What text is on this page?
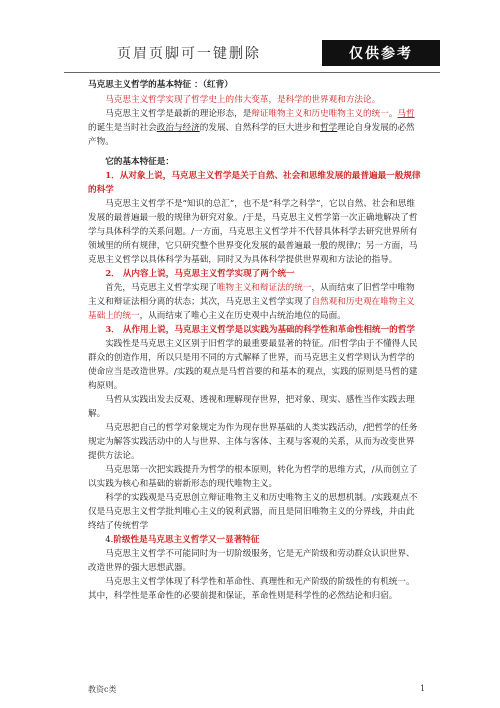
页眉页脚可一键删除	仅供参考

马克思主义哲学的基本特征 ：（红背）

马克思主义哲学实现了哲学史上的伟大变革，是科学的世界观和方法论。

马克思主义哲学是最新的理论形态，是辩证唯物主义和历史唯物主义的统一。马哲的诞生是当时社会政治与经济的发展、自然科学的巨大进步和哲学理论自身发展的必然产物。

它的基本特征是：

1．从对象上说，马克思主义哲学是关于自然、社会和思维发展的最普遍最一般规律的科学

马克思主义哲学不是“知识的总汇”，也不是“科学之科学”，它以自然、社会和思维发展的最普遍最一般的规律为研究对象。/于是，马克思主义哲学第一次正确地解决了哲学与具体科学的关系问题。/一方面，马克思主义哲学并不代替具体科学去研究世界所有领域里的所有规律，它只研究整个世界变化发展的最普遍最一般的规律/；另一方面，马克思主义哲学以具体科学为基础，同时又为具体科学提供世界观和方法论的指导。

2． 从内容上说，马克思主义哲学实现了两个统一

首先，马克思主义哲学实现了唯物主义和辩证法的统一，从而结束了旧哲学中唯物主义和辩证法相分离的状态；其次，马克思主义哲学实现了自然观和历史观在唯物主义基础上的统一，从而结束了唯心主义在历史观中占统治地位的局面。

3． 从作用上说，马克思主义哲学是以实践为基础的科学性和革命性相统一的哲学

实践性是马克思主义区别于旧哲学的最重要最显著的特征。/旧哲学由于不懂得人民群众的创造作用，所以只是用不同的方式解释了世界，而马克思主义哲学则认为哲学的使命应当是改造世界。/实践的观点是马哲首要的和基本的观点，实践的原则是马哲的建构原则。

马哲从实践出发去反观、透视和理解现存世界，把对象、现实、感性当作实践去理解。

马克思把自己的哲学对象规定为作为现存世界基础的人类实践活动，/把哲学的任务规定为解答实践活动中的人与世界、主体与客体、主观与客观的关系，从而为改变世界提供方法论。

马克思第一次把实践提升为哲学的根本原则，转化为哲学的思维方式，/从而创立了以实践为核心和基础的崭新形态的现代唯物主义。

科学的实践观是马克思创立辩证唯物主义和历史唯物主义的思想机制。/实践观点不仅是马克思主义哲学批判唯心主义的锐利武器，而且是同旧唯物主义的分界线，并由此终结了传统哲学

4.阶级性是马克思主义哲学又一显著特征

马克思主义哲学不可能同时为一切阶级服务，它是无产阶级和劳动群众认识世界、改造世界的强大思想武器。

马克思主义哲学体现了科学性和革命性、真理性和无产阶级的阶级性的有机统一。其中，科学性是革命性的必要前提和保证，革命性则是科学性的必然结论和归宿。

教资c类	1
